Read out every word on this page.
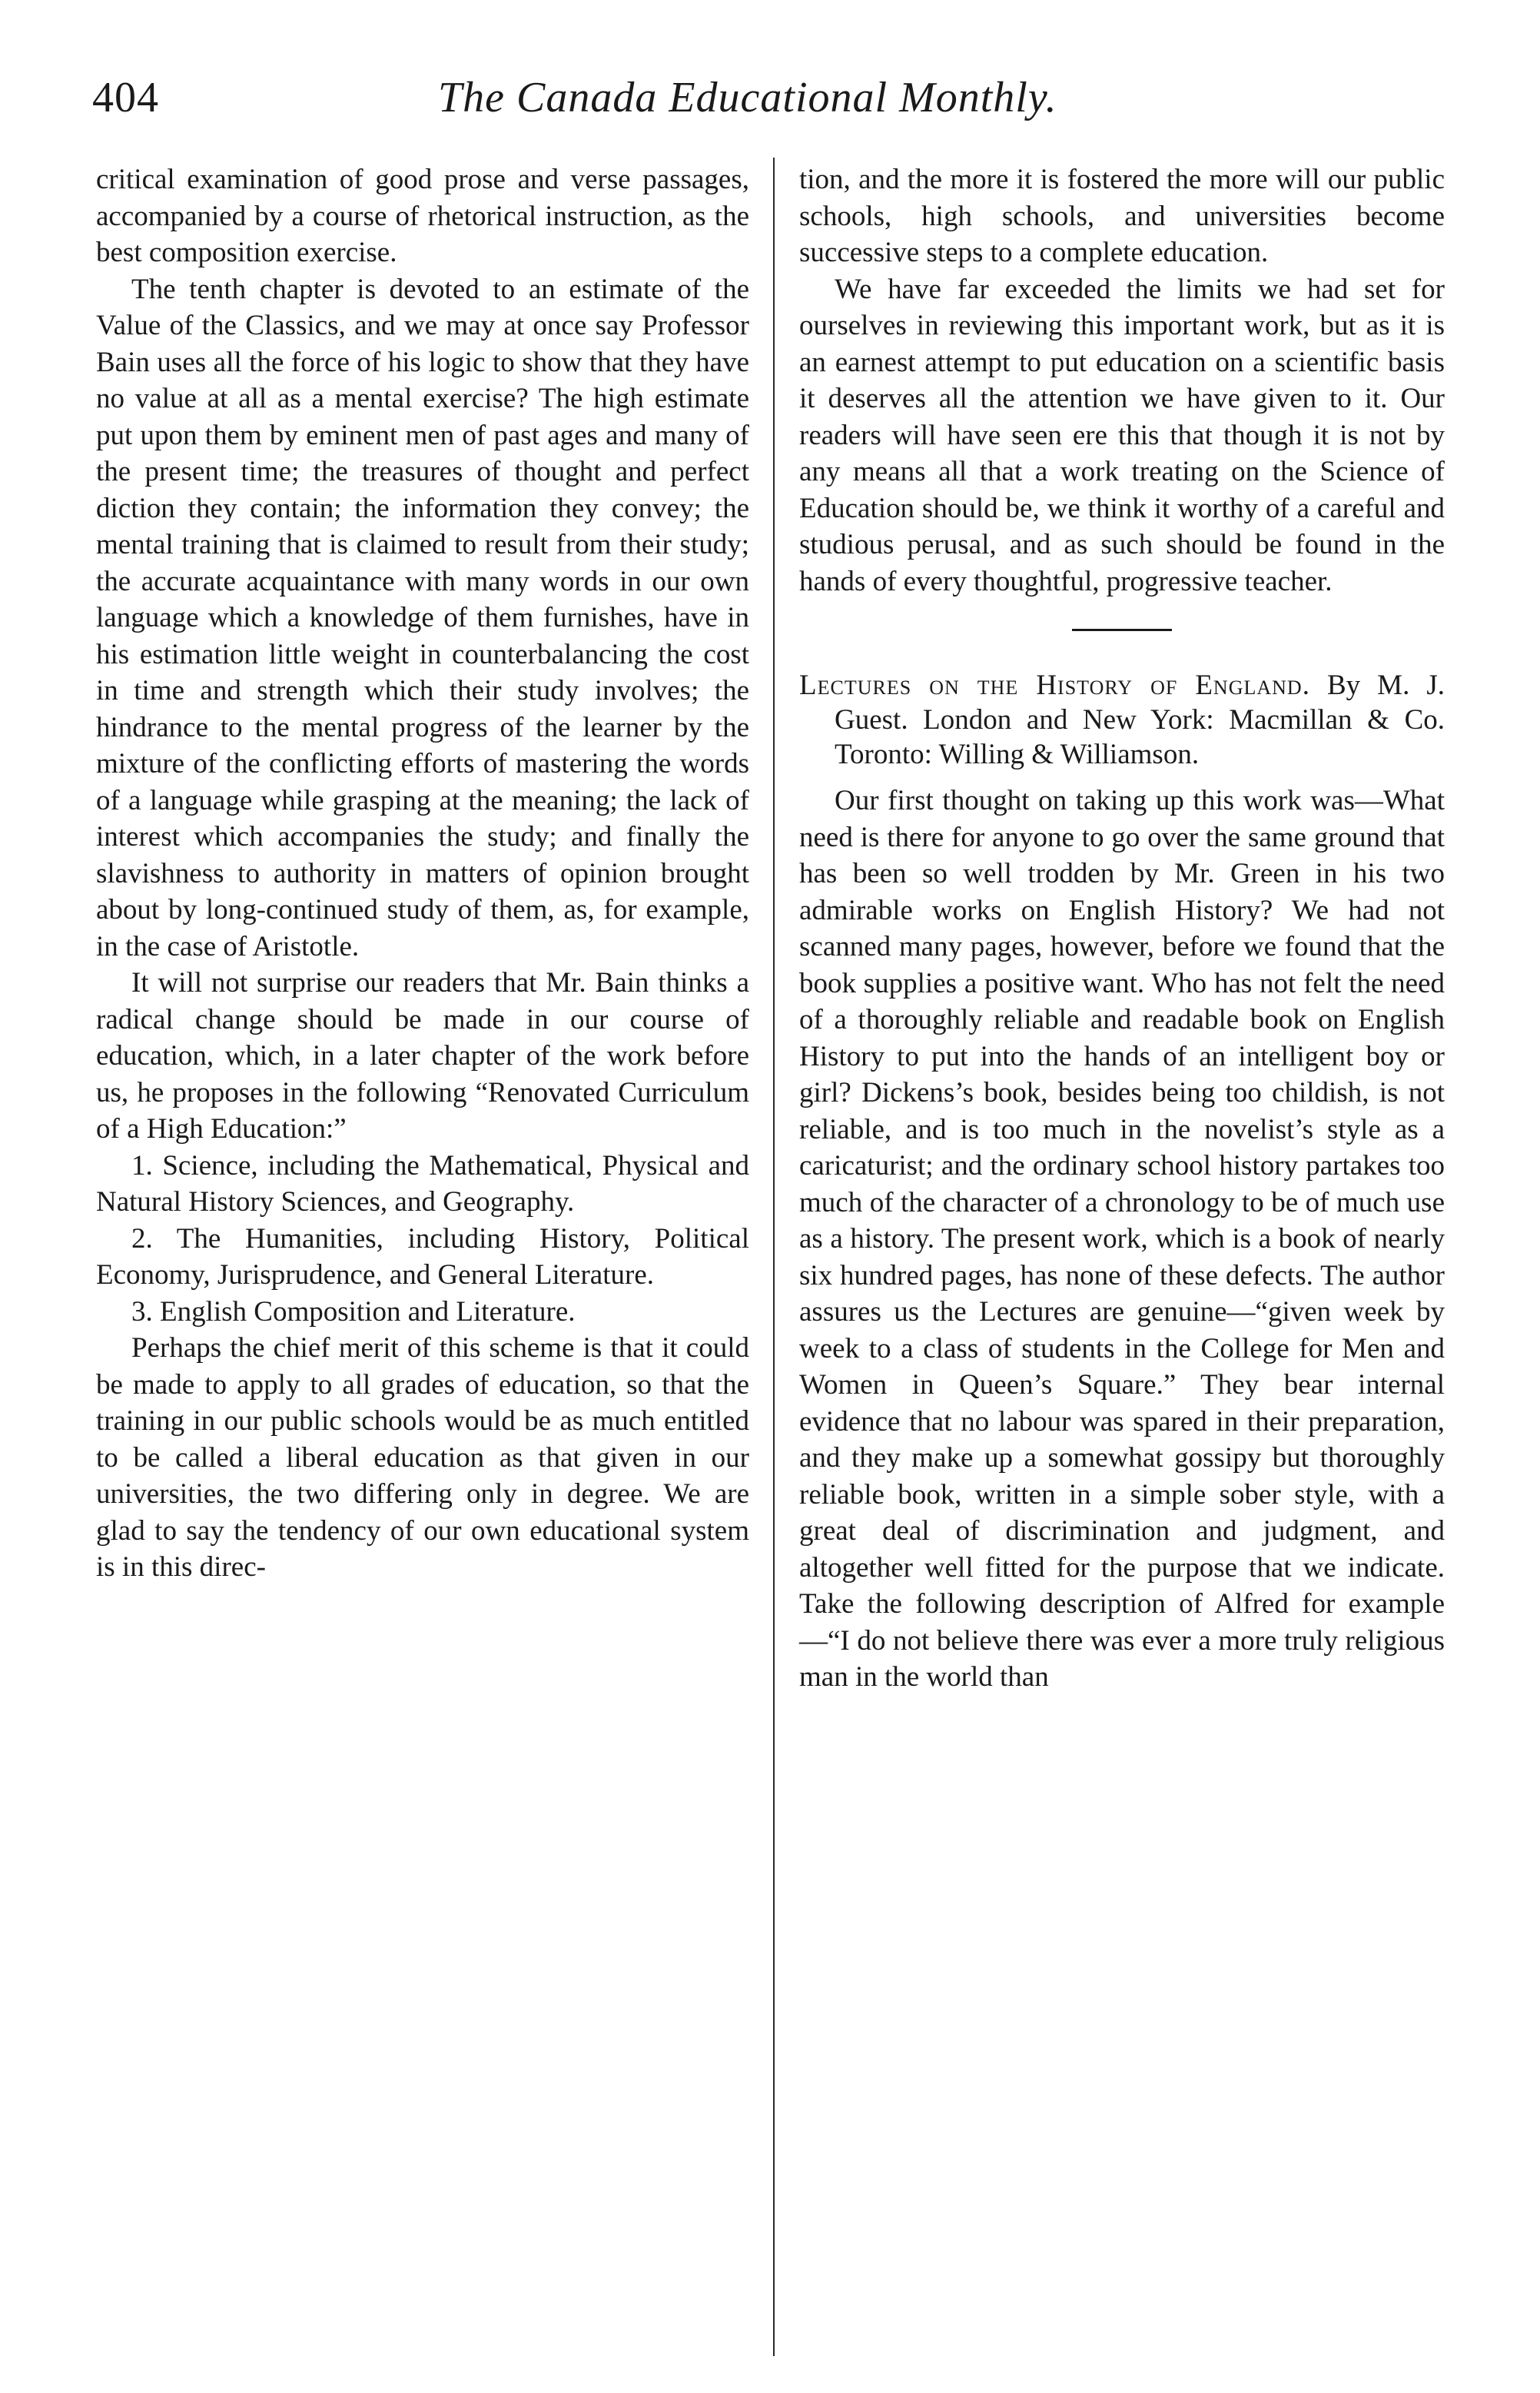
404	The Canada Educational Monthly.

critical examination of good prose and verse passages, accompanied by a course of rhetorical instruction, as the best composition exercise.

The tenth chapter is devoted to an estimate of the Value of the Classics, and we may at once say Professor Bain uses all the force of his logic to show that they have no value at all as a mental exercise? The high estimate put upon them by eminent men of past ages and many of the present time; the treasures of thought and perfect diction they contain; the information they convey; the mental training that is claimed to result from their study; the accurate acquaintance with many words in our own language which a knowledge of them furnishes, have in his estimation little weight in counterbalancing the cost in time and strength which their study involves; the hindrance to the mental progress of the learner by the mixture of the conflicting efforts of mastering the words of a language while grasping at the meaning; the lack of interest which accompanies the study; and finally the slavishness to authority in matters of opinion brought about by long-continued study of them, as, for example, in the case of Aristotle.

It will not surprise our readers that Mr. Bain thinks a radical change should be made in our course of education, which, in a later chapter of the work before us, he proposes in the following “Renovated Curriculum of a High Education:”

1. Science, including the Mathematical, Physical and Natural History Sciences, and Geography.

2. The Humanities, including History, Political Economy, Jurisprudence, and General Literature.

3. English Composition and Literature.

Perhaps the chief merit of this scheme is that it could be made to apply to all grades of education, so that the training in our public schools would be as much entitled to be called a liberal education as that given in our universities, the two differing only in degree. We are glad to say the tendency of our own educational system is in this direc-

tion, and the more it is fostered the more will our public schools, high schools, and universities become successive steps to a complete education.

We have far exceeded the limits we had set for ourselves in reviewing this important work, but as it is an earnest attempt to put education on a scientific basis it deserves all the attention we have given to it. Our readers will have seen ere this that though it is not by any means all that a work treating on the Science of Education should be, we think it worthy of a careful and studious perusal, and as such should be found in the hands of every thoughtful, progressive teacher.

Lectures on the History of England. By M. J. Guest. London and New York: Macmillan & Co. Toronto: Willing & Williamson.

Our first thought on taking up this work was—What need is there for anyone to go over the same ground that has been so well trodden by Mr. Green in his two admirable works on English History? We had not scanned many pages, however, before we found that the book supplies a positive want. Who has not felt the need of a thoroughly reliable and readable book on English History to put into the hands of an intelligent boy or girl? Dickens’s book, besides being too childish, is not reliable, and is too much in the novelist’s style as a caricaturist; and the ordinary school history partakes too much of the character of a chronology to be of much use as a history. The present work, which is a book of nearly six hundred pages, has none of these defects. The author assures us the Lectures are genuine—“given week by week to a class of students in the College for Men and Women in Queen’s Square.” They bear internal evidence that no labour was spared in their preparation, and they make up a somewhat gossipy but thoroughly reliable book, written in a simple sober style, with a great deal of discrimination and judgment, and altogether well fitted for the purpose that we indicate. Take the following description of Alfred for example—“I do not believe there was ever a more truly religious man in the world than
